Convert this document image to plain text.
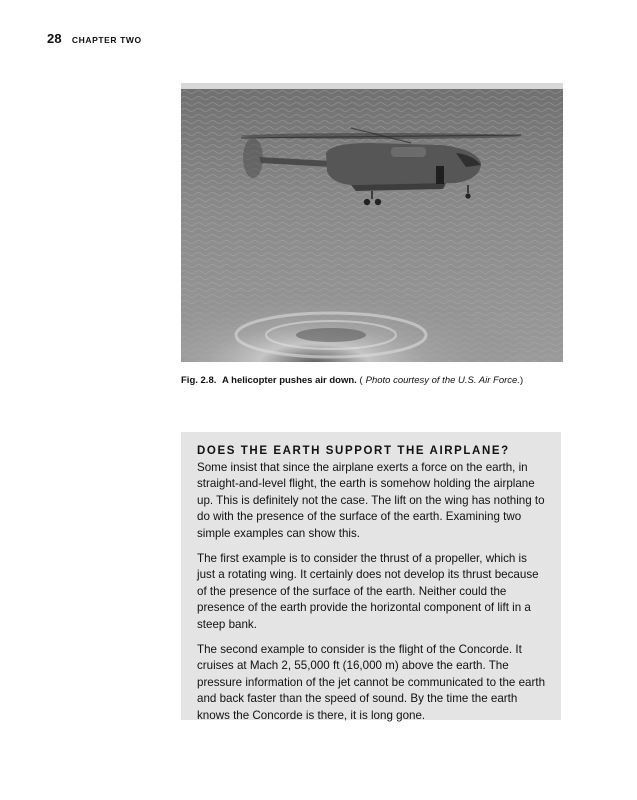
28 CHAPTER TWO
Fig. 2.8. A helicopter pushes air down. ( Photo courtesy of the U.S. Air Force.)
DOES THE EARTH SUPPORT THE AIRPLANE?

Some insist that since the airplane exerts a force on the earth, in straight-and-level flight, the earth is somehow holding the airplane up. This is definitely not the case. The lift on the wing has nothing to do with the presence of the surface of the earth. Examining two simple examples can show this.

The first example is to consider the thrust of a propeller, which is just a rotating wing. It certainly does not develop its thrust because of the presence of the surface of the earth. Neither could the presence of the earth provide the horizontal component of lift in a steep bank.

The second example to consider is the flight of the Concorde. It cruises at Mach 2, 55,000 ft (16,000 m) above the earth. The pressure information of the jet cannot be communicated to the earth and back faster than the speed of sound. By the time the earth knows the Concorde is there, it is long gone.
